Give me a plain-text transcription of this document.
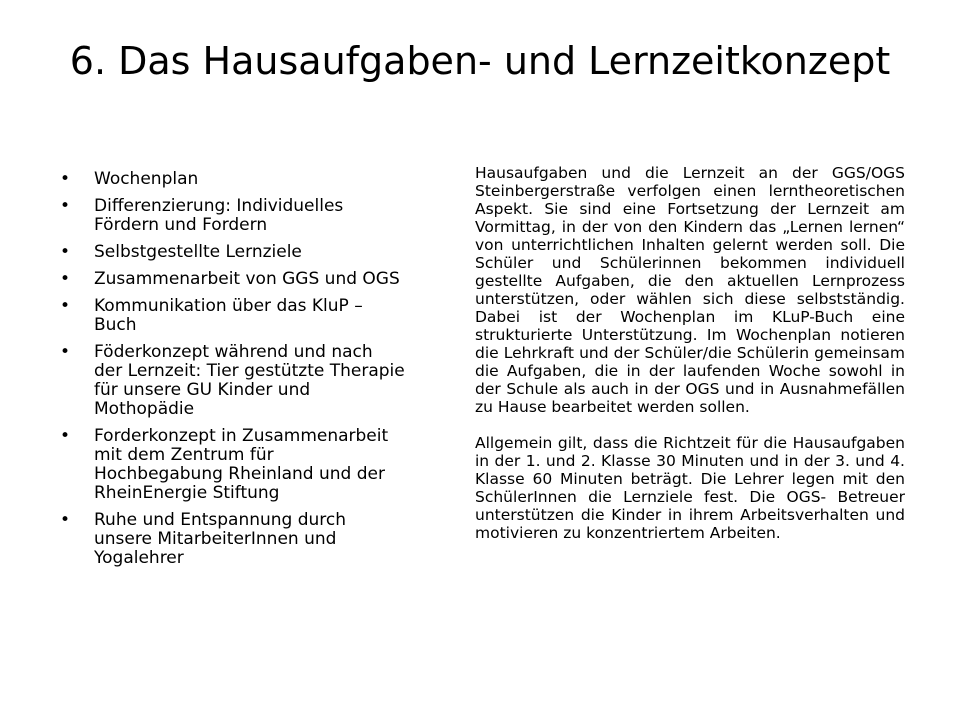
6. Das Hausaufgaben- und Lernzeitkonzept
•	Wochenplan
•	Differenzierung: Individuelles Fördern und Fordern
•	Selbstgestellte Lernziele
•	Zusammenarbeit von GGS und OGS
•	Kommunikation über das KluP – Buch
•	Föderkonzept während und nach der Lernzeit: Tier gestützte Therapie für unsere GU Kinder und Mothopädie
•	Forderkonzept in Zusammenarbeit mit dem Zentrum für Hochbegabung Rheinland und der RheinEnergie Stiftung
•	Ruhe und Entspannung durch unsere MitarbeiterInnen und Yogalehrer

Hausaufgaben und die Lernzeit an der GGS/OGS Steinbergerstraße verfolgen einen lerntheoretischen Aspekt. Sie sind eine Fortsetzung der Lernzeit am Vormittag, in der von den Kindern das „Lernen lernen“ von unterrichtlichen Inhalten gelernt werden soll. Die Schüler und Schülerinnen bekommen individuell gestellte Aufgaben, die den aktuellen Lernprozess unterstützen, oder wählen sich diese selbstständig. Dabei ist der Wochenplan im KLuP-Buch eine strukturierte Unterstützung. Im Wochenplan notieren die Lehrkraft und der Schüler/die Schülerin gemeinsam die Aufgaben, die in der laufenden Woche sowohl in der Schule als auch in der OGS und in Ausnahmefällen zu Hause bearbeitet werden sollen.

Allgemein gilt, dass die Richtzeit für die Hausaufgaben in der 1. und 2. Klasse 30 Minuten und in der 3. und 4. Klasse 60 Minuten beträgt. Die Lehrer legen mit den SchülerInnen die Lernziele fest. Die OGS- Betreuer unterstützen die Kinder in ihrem Arbeitsverhalten und motivieren zu konzentriertem Arbeiten.
